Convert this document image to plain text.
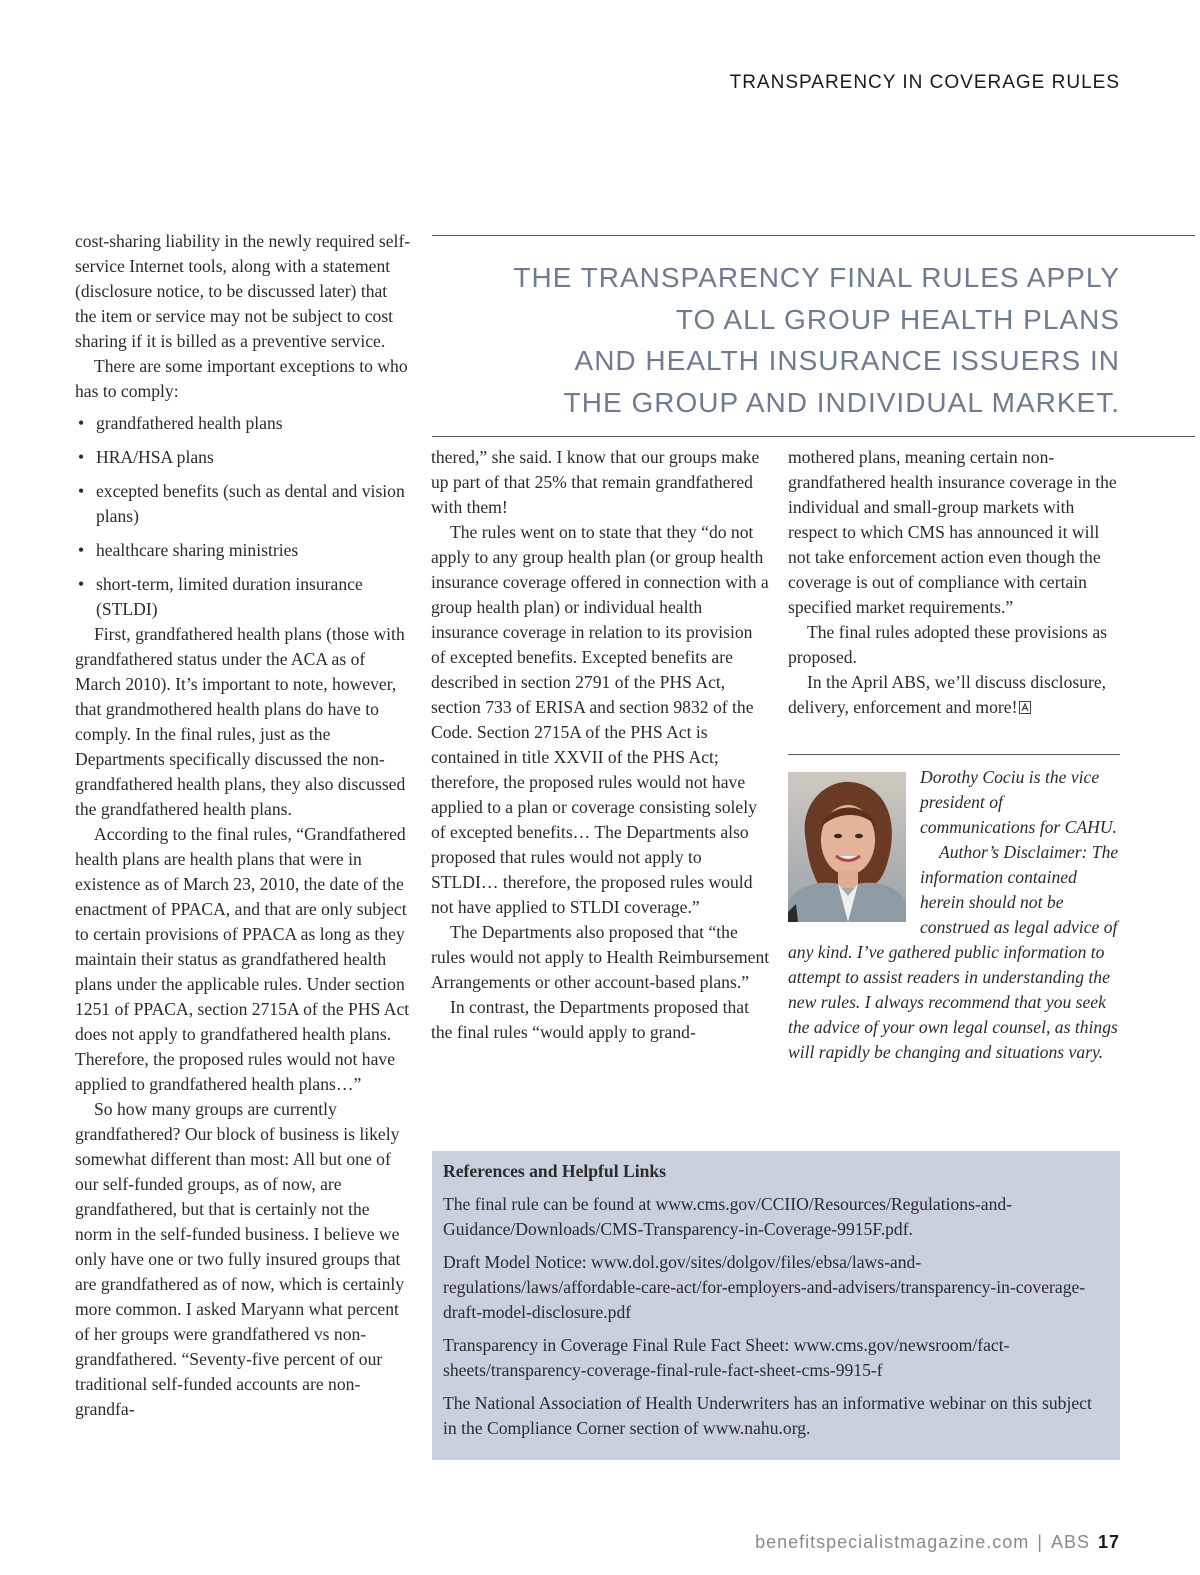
TRANSPARENCY IN COVERAGE RULES

cost-sharing liability in the newly required self-service Internet tools, along with a statement (disclosure notice, to be discussed later) that the item or service may not be subject to cost sharing if it is billed as a preventive service.

There are some important exceptions to who has to comply:

• grandfathered health plans
• HRA/HSA plans
• excepted benefits (such as dental and vision plans)
• healthcare sharing ministries
• short-term, limited duration insurance (STLDI)

First, grandfathered health plans (those with grandfathered status under the ACA as of March 2010). It’s important to note, however, that grandmothered health plans do have to comply. In the final rules, just as the Departments specifically discussed the non-grandfathered health plans, they also discussed the grandfathered health plans.

According to the final rules, “Grandfathered health plans are health plans that were in existence as of March 23, 2010, the date of the enactment of PPACA, and that are only subject to certain provisions of PPACA as long as they maintain their status as grandfathered health plans under the applicable rules. Under section 1251 of PPACA, section 2715A of the PHS Act does not apply to grandfathered health plans. Therefore, the proposed rules would not have applied to grandfathered health plans…”

So how many groups are currently grandfathered? Our block of business is likely somewhat different than most: All but one of our self-funded groups, as of now, are grandfathered, but that is certainly not the norm in the self-funded business. I believe we only have one or two fully insured groups that are grandfathered as of now, which is certainly more common. I asked Maryann what percent of her groups were grandfathered vs non-grandfathered. “Seventy-five percent of our traditional self-funded accounts are non-grandfa-

THE TRANSPARENCY FINAL RULES APPLY
TO ALL GROUP HEALTH PLANS
AND HEALTH INSURANCE ISSUERS IN
THE GROUP AND INDIVIDUAL MARKET.

thered,” she said. I know that our groups make up part of that 25% that remain grandfathered with them!

The rules went on to state that they “do not apply to any group health plan (or group health insurance coverage offered in connection with a group health plan) or individual health insurance coverage in relation to its provision of excepted benefits. Excepted benefits are described in section 2791 of the PHS Act, section 733 of ERISA and section 9832 of the Code. Section 2715A of the PHS Act is contained in title XXVII of the PHS Act; therefore, the proposed rules would not have applied to a plan or coverage consisting solely of excepted benefits… The Departments also proposed that rules would not apply to STLDI… therefore, the proposed rules would not have applied to STLDI coverage.”

The Departments also proposed that “the rules would not apply to Health Reimbursement Arrangements or other account-based plans.”

In contrast, the Departments proposed that the final rules “would apply to grand-

mothered plans, meaning certain non-grandfathered health insurance coverage in the individual and small-group markets with respect to which CMS has announced it will not take enforcement action even though the coverage is out of compliance with certain specified market requirements.”

The final rules adopted these provisions as proposed.

In the April ABS, we’ll discuss disclosure, delivery, enforcement and more!

Dorothy Cociu is the vice president of communications for CAHU.

Author’s Disclaimer: The information contained herein should not be construed as legal advice of any kind. I’ve gathered public information to attempt to assist readers in understanding the new rules. I always recommend that you seek the advice of your own legal counsel, as things will rapidly be changing and situations vary.

References and Helpful Links

The final rule can be found at www.cms.gov/CCIIO/Resources/Regulations-and-Guidance/Downloads/CMS-Transparency-in-Coverage-9915F.pdf.

Draft Model Notice: www.dol.gov/sites/dolgov/files/ebsa/laws-and-regulations/laws/affordable-care-act/for-employers-and-advisers/transparency-in-coverage-draft-model-disclosure.pdf

Transparency in Coverage Final Rule Fact Sheet: www.cms.gov/newsroom/fact-sheets/transparency-coverage-final-rule-fact-sheet-cms-9915-f

The National Association of Health Underwriters has an informative webinar on this subject in the Compliance Corner section of www.nahu.org.

benefitspecialistmagazine.com | ABS 17
